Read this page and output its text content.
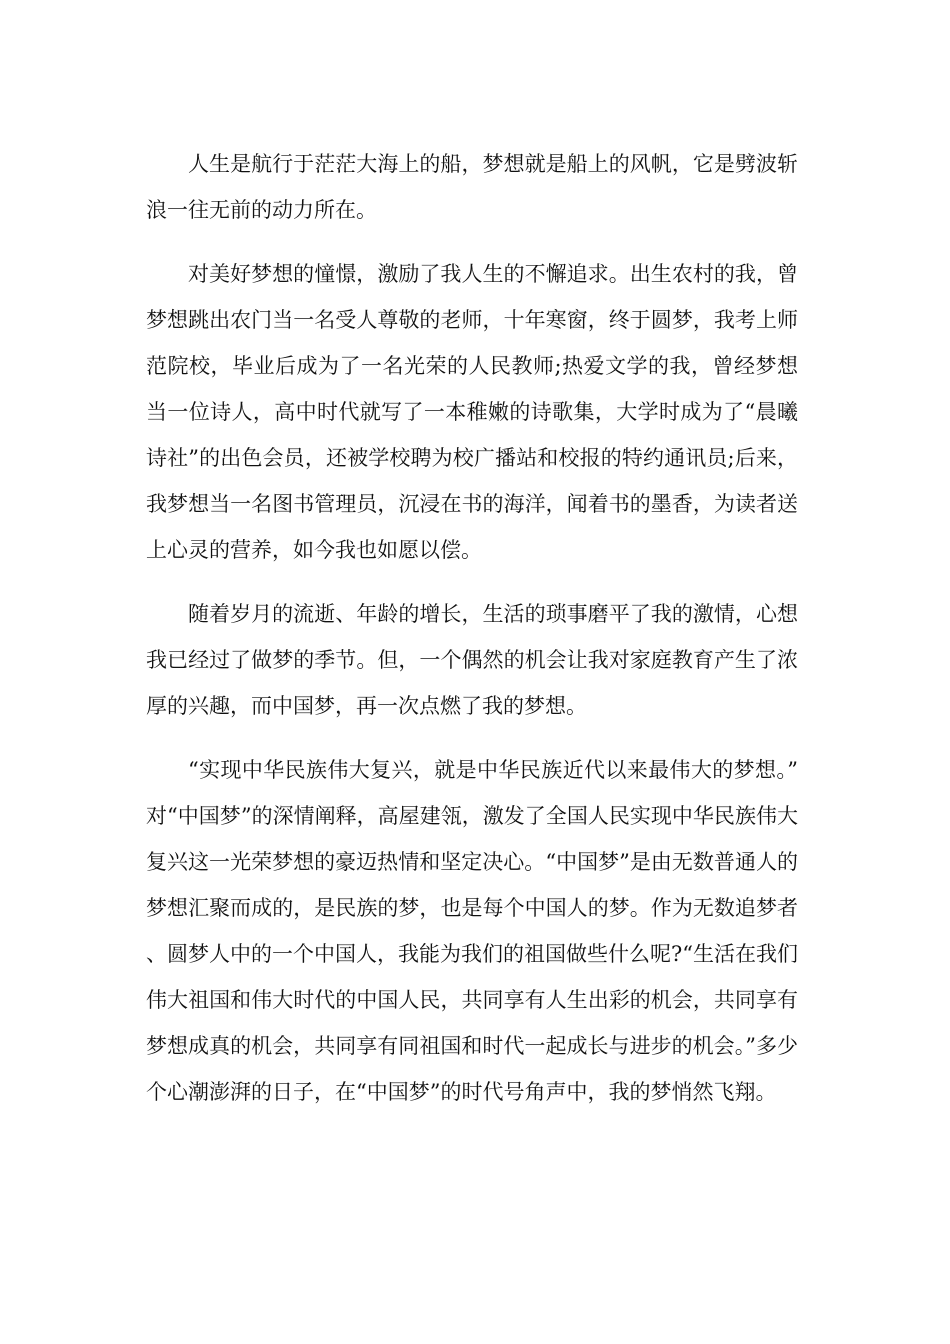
人生是航行于茫茫大海上的船，梦想就是船上的风帆，它是劈波斩浪一往无前的动力所在。

对美好梦想的憧憬，激励了我人生的不懈追求。出生农村的我，曾梦想跳出农门当一名受人尊敬的老师，十年寒窗，终于圆梦，我考上师范院校，毕业后成为了一名光荣的人民教师;热爱文学的我，曾经梦想当一位诗人，高中时代就写了一本稚嫩的诗歌集，大学时成为了“晨曦诗社”的出色会员，还被学校聘为校广播站和校报的特约通讯员;后来，我梦想当一名图书管理员，沉浸在书的海洋，闻着书的墨香，为读者送上心灵的营养，如今我也如愿以偿。

随着岁月的流逝、年龄的增长，生活的琐事磨平了我的激情，心想我已经过了做梦的季节。但，一个偶然的机会让我对家庭教育产生了浓厚的兴趣，而中国梦，再一次点燃了我的梦想。

“实现中华民族伟大复兴，就是中华民族近代以来最伟大的梦想。”对“中国梦”的深情阐释，高屋建瓴，激发了全国人民实现中华民族伟大复兴这一光荣梦想的豪迈热情和坚定决心。“中国梦”是由无数普通人的梦想汇聚而成的，是民族的梦，也是每个中国人的梦。作为无数追梦者、圆梦人中的一个中国人，我能为我们的祖国做些什么呢?“生活在我们伟大祖国和伟大时代的中国人民，共同享有人生出彩的机会，共同享有梦想成真的机会，共同享有同祖国和时代一起成长与进步的机会。”多少个心潮澎湃的日子，在“中国梦”的时代号角声中，我的梦悄然飞翔。
